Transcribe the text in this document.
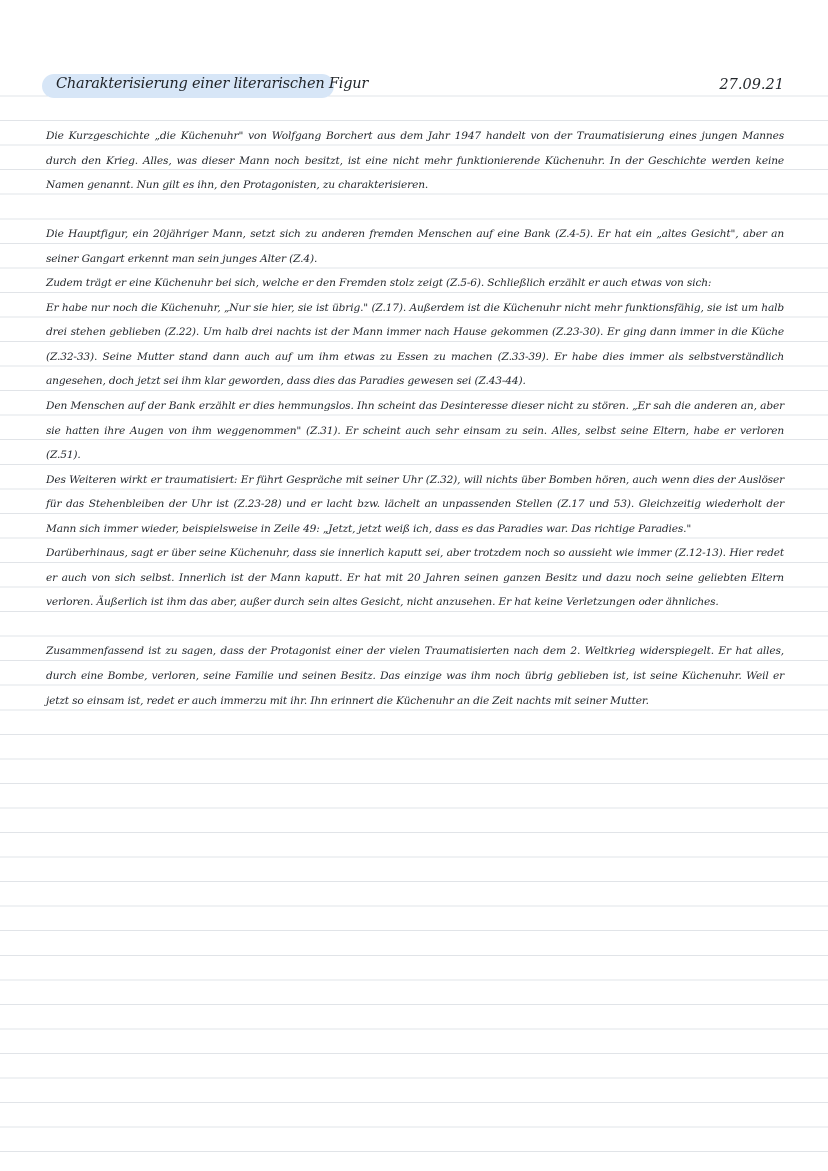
Charakterisierung einer literarischen Figur	27.09.21

Die Kurzgeschichte „die Küchenuhr" von Wolfgang Borchert aus dem Jahr 1947 handelt von der Traumatisierung eines jungen Mannes durch den Krieg. Alles, was dieser Mann noch besitzt, ist eine nicht mehr funktionierende Küchenuhr. In der Geschichte werden keine Namen genannt. Nun gilt es ihn, den Protagonisten, zu charakterisieren.

Die Hauptfigur, ein 20jähriger Mann, setzt sich zu anderen fremden Menschen auf eine Bank (Z.4-5). Er hat ein „altes Gesicht", aber an seiner Gangart erkennt man sein junges Alter (Z.4).
Zudem trägt er eine Küchenuhr bei sich, welche er den Fremden stolz zeigt (Z.5-6). Schließlich erzählt er auch etwas von sich:
Er habe nur noch die Küchenuhr, „Nur sie hier, sie ist übrig." (Z.17). Außerdem ist die Küchenuhr nicht mehr funktionsfähig, sie ist um halb drei stehen geblieben (Z.22). Um halb drei nachts ist der Mann immer nach Hause gekommen (Z.23-30). Er ging dann immer in die Küche (Z.32-33). Seine Mutter stand dann auch auf um ihm etwas zu Essen zu machen (Z.33-39). Er habe dies immer als selbstverständlich angesehen, doch jetzt sei ihm klar geworden, dass dies das Paradies gewesen sei (Z.43-44).
Den Menschen auf der Bank erzählt er dies hemmungslos. Ihn scheint das Desinteresse dieser nicht zu stören. „Er sah die anderen an, aber sie hatten ihre Augen von ihm weggenommen" (Z.31). Er scheint auch sehr einsam zu sein. Alles, selbst seine Eltern, habe er verloren (Z.51).
Des Weiteren wirkt er traumatisiert: Er führt Gespräche mit seiner Uhr (Z.32), will nichts über Bomben hören, auch wenn dies der Auslöser für das Stehenbleiben der Uhr ist (Z.23-28) und er lacht bzw. lächelt an unpassenden Stellen (Z.17 und 53). Gleichzeitig wiederholt der Mann sich immer wieder, beispielsweise in Zeile 49: „Jetzt, jetzt weiß ich, dass es das Paradies war. Das richtige Paradies."
Darüberhinaus, sagt er über seine Küchenuhr, dass sie innerlich kaputt sei, aber trotzdem noch so aussieht wie immer (Z.12-13). Hier redet er auch von sich selbst. Innerlich ist der Mann kaputt. Er hat mit 20 Jahren seinen ganzen Besitz und dazu noch seine geliebten Eltern verloren. Äußerlich ist ihm das aber, außer durch sein altes Gesicht, nicht anzusehen. Er hat keine Verletzungen oder ähnliches.

Zusammenfassend ist zu sagen, dass der Protagonist einer der vielen Traumatisierten nach dem 2. Weltkrieg widerspiegelt. Er hat alles, durch eine Bombe, verloren, seine Familie und seinen Besitz. Das einzige was ihm noch übrig geblieben ist, ist seine Küchenuhr. Weil er jetzt so einsam ist, redet er auch immerzu mit ihr. Ihn erinnert die Küchenuhr an die Zeit nachts mit seiner Mutter.
